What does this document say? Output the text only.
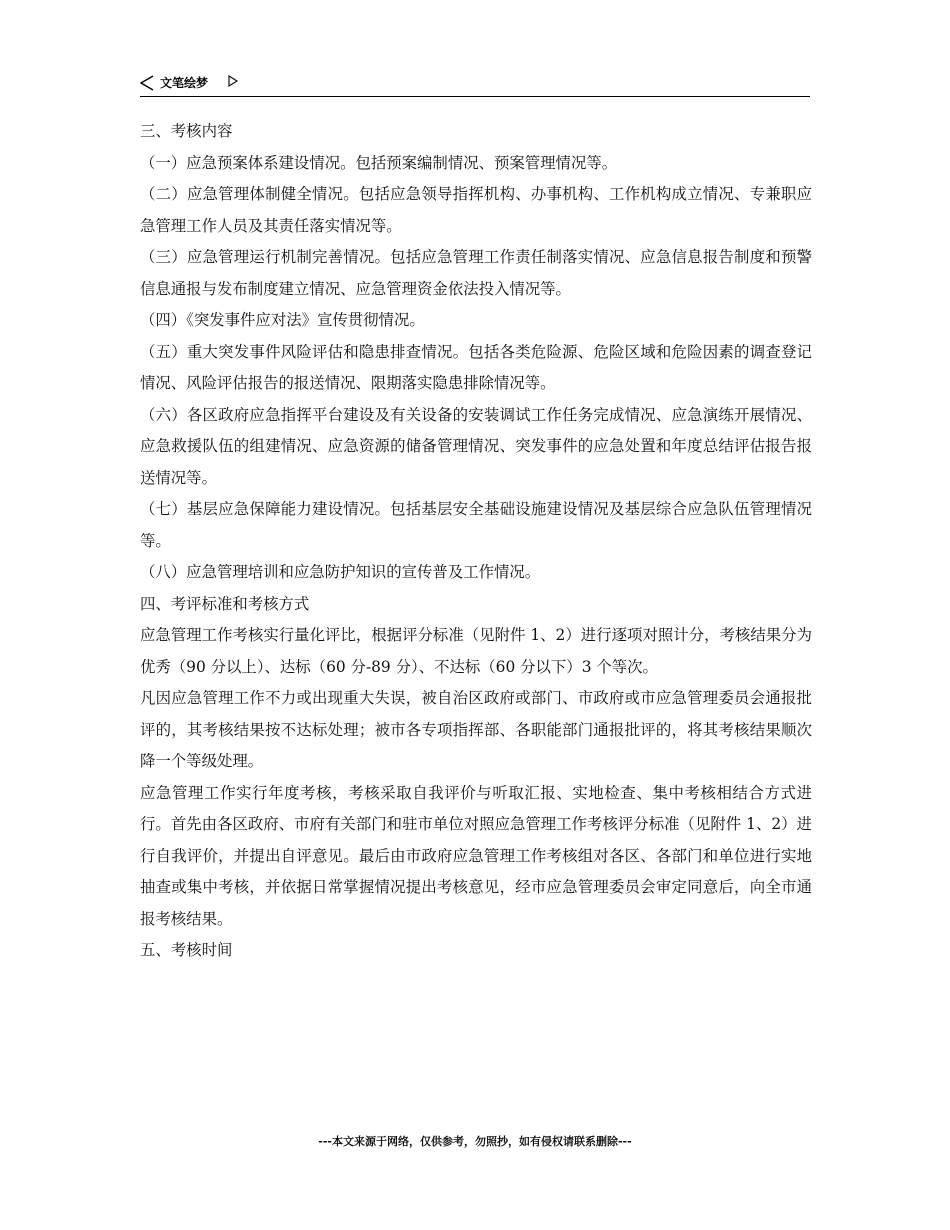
文笔绘梦

三、考核内容

（一）应急预案体系建设情况。包括预案编制情况、预案管理情况等。

（二）应急管理体制健全情况。包括应急领导指挥机构、办事机构、工作机构成立情况、专兼职应急管理工作人员及其责任落实情况等。

（三）应急管理运行机制完善情况。包括应急管理工作责任制落实情况、应急信息报告制度和预警信息通报与发布制度建立情况、应急管理资金依法投入情况等。

（四）《突发事件应对法》宣传贯彻情况。

（五）重大突发事件风险评估和隐患排查情况。包括各类危险源、危险区域和危险因素的调查登记情况、风险评估报告的报送情况、限期落实隐患排除情况等。

（六）各区政府应急指挥平台建设及有关设备的安装调试工作任务完成情况、应急演练开展情况、应急救援队伍的组建情况、应急资源的储备管理情况、突发事件的应急处置和年度总结评估报告报送情况等。

（七）基层应急保障能力建设情况。包括基层安全基础设施建设情况及基层综合应急队伍管理情况等。

（八）应急管理培训和应急防护知识的宣传普及工作情况。

四、考评标准和考核方式

应急管理工作考核实行量化评比，根据评分标准（见附件 1、2）进行逐项对照计分，考核结果分为优秀（90 分以上）、达标（60 分-89 分）、不达标（60 分以下）3 个等次。

凡因应急管理工作不力或出现重大失误，被自治区政府或部门、市政府或市应急管理委员会通报批评的，其考核结果按不达标处理；被市各专项指挥部、各职能部门通报批评的，将其考核结果顺次降一个等级处理。

应急管理工作实行年度考核，考核采取自我评价与听取汇报、实地检查、集中考核相结合方式进行。首先由各区政府、市府有关部门和驻市单位对照应急管理工作考核评分标准（见附件 1、2）进行自我评价，并提出自评意见。最后由市政府应急管理工作考核组对各区、各部门和单位进行实地抽查或集中考核，并依据日常掌握情况提出考核意见，经市应急管理委员会审定同意后，向全市通报考核结果。

五、考核时间

---本文来源于网络，仅供参考，勿照抄，如有侵权请联系删除---
